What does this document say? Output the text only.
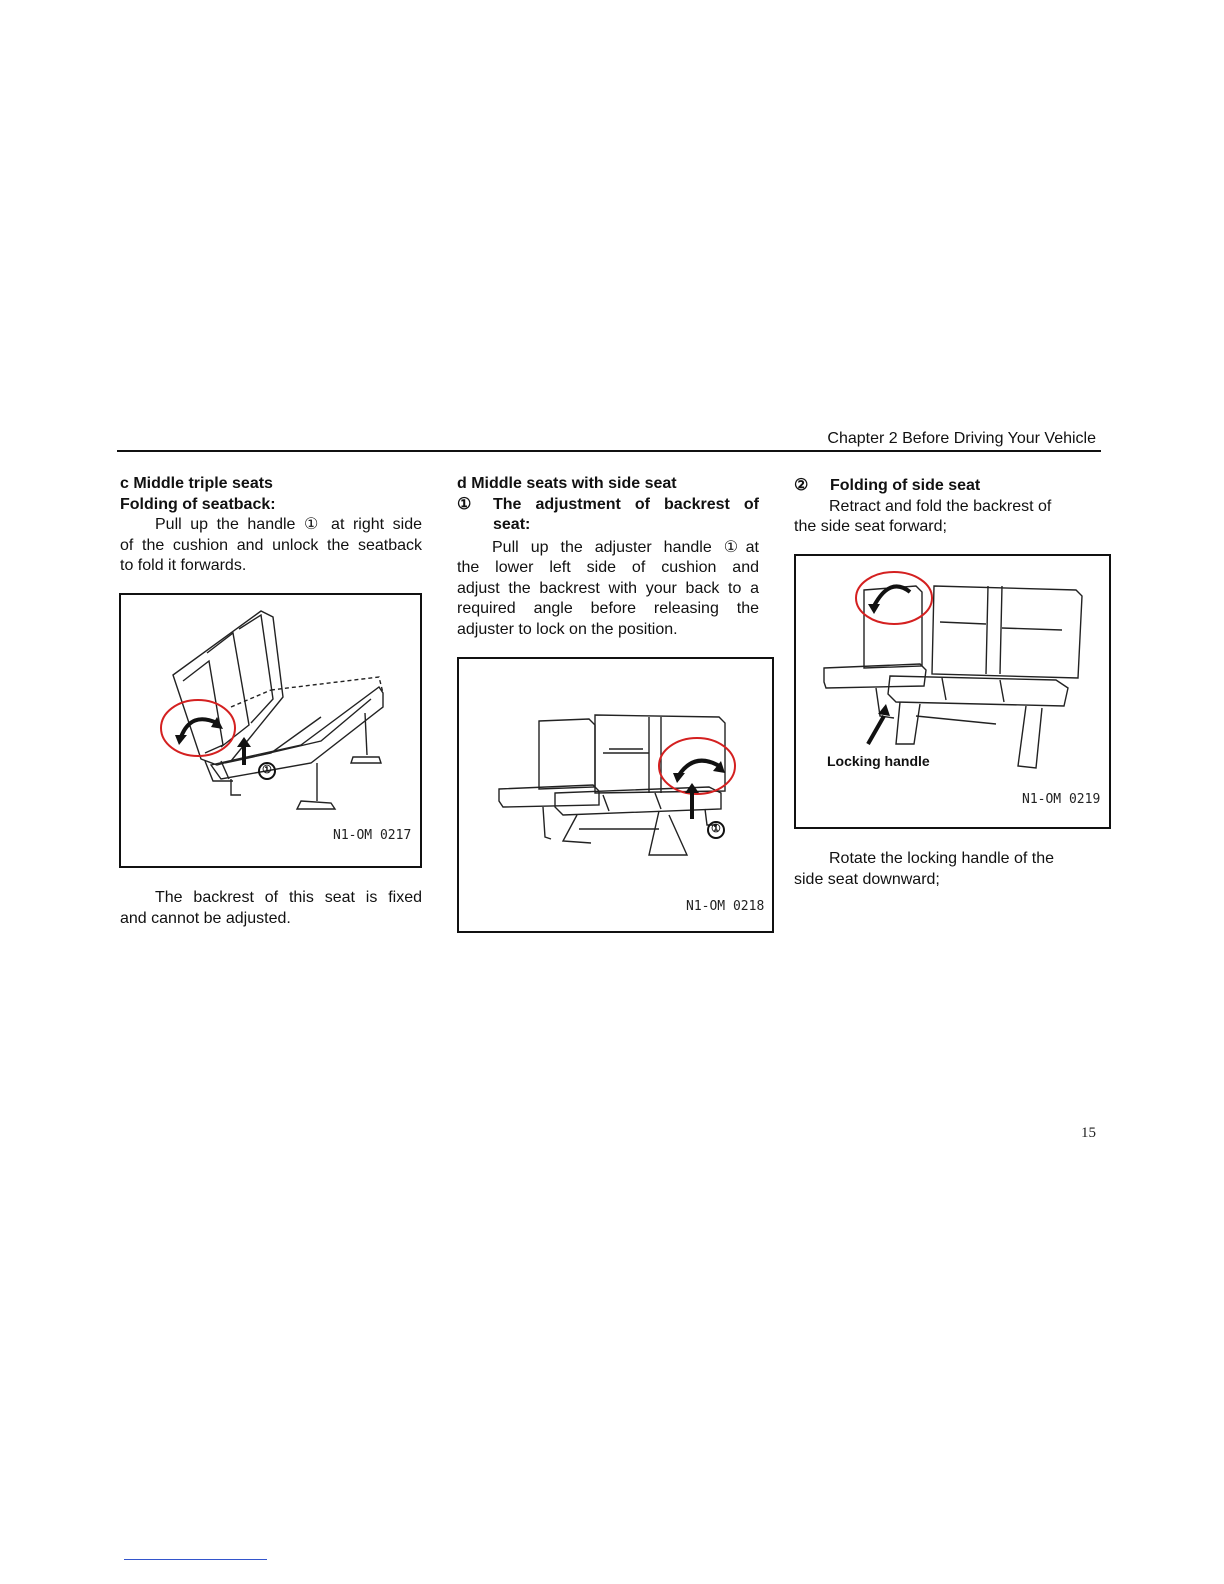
Chapter 2 Before Driving Your Vehicle

c Middle triple seats

Folding of seatback:

Pull up the handle ① at right side

of the cushion and unlock the seatback

to fold it forwards.

①
N1-OM 0217

The backrest of this seat is fixed

and cannot be adjusted.

d Middle seats with side seat

①	The adjustment of backrest of

seat:

Pull up the adjuster handle ①at

the lower left side of cushion and

adjust the backrest with your back to a

required angle before releasing the

adjuster to lock on the position.

①
N1-OM 0218
②	Folding of side seat

Retract and fold the backrest of

the side seat forward;

Locking handle
N1-OM 0219

Rotate the locking handle of the

side seat downward;

15
